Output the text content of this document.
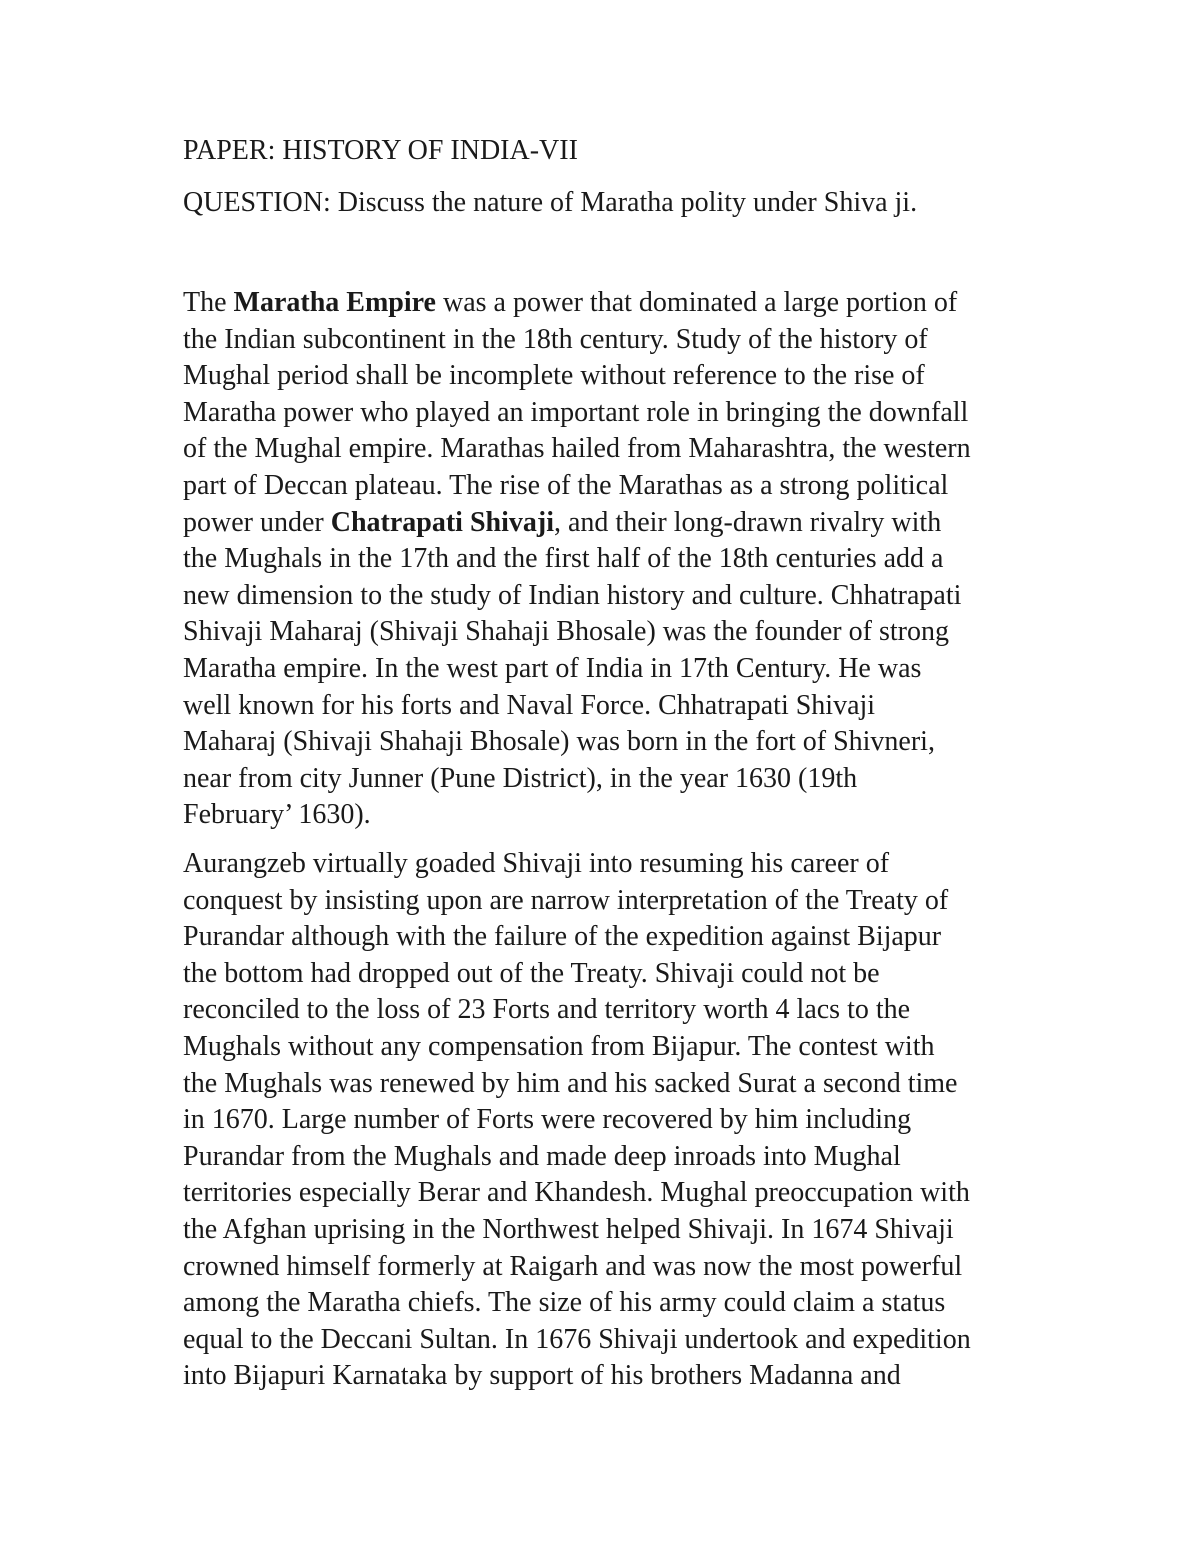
PAPER: HISTORY OF INDIA-VII
QUESTION: Discuss the nature of Maratha polity under Shiva ji.

The Maratha Empire was a power that dominated a large portion of
the Indian subcontinent in the 18th century. Study of the history of
Mughal period shall be incomplete without reference to the rise of
Maratha power who played an important role in bringing the downfall
of the Mughal empire. Marathas hailed from Maharashtra, the western
part of Deccan plateau. The rise of the Marathas as a strong political
power under Chatrapati Shivaji, and their long-drawn rivalry with
the Mughals in the 17th and the first half of the 18th centuries add a
new dimension to the study of Indian history and culture. Chhatrapati
Shivaji Maharaj (Shivaji Shahaji Bhosale) was the founder of strong
Maratha empire. In the west part of India in 17th Century. He was
well known for his forts and Naval Force. Chhatrapati Shivaji
Maharaj (Shivaji Shahaji Bhosale) was born in the fort of Shivneri,
near from city Junner (Pune District), in the year 1630 (19th
February’ 1630).

Aurangzeb virtually goaded Shivaji into resuming his career of
conquest by insisting upon are narrow interpretation of the Treaty of
Purandar although with the failure of the expedition against Bijapur
the bottom had dropped out of the Treaty. Shivaji could not be
reconciled to the loss of 23 Forts and territory worth 4 lacs to the
Mughals without any compensation from Bijapur. The contest with
the Mughals was renewed by him and his sacked Surat a second time
in 1670. Large number of Forts were recovered by him including
Purandar from the Mughals and made deep inroads into Mughal
territories especially Berar and Khandesh. Mughal preoccupation with
the Afghan uprising in the Northwest helped Shivaji. In 1674 Shivaji
crowned himself formerly at Raigarh and was now the most powerful
among the Maratha chiefs. The size of his army could claim a status
equal to the Deccani Sultan. In 1676 Shivaji undertook and expedition
into Bijapuri Karnataka by support of his brothers Madanna and
